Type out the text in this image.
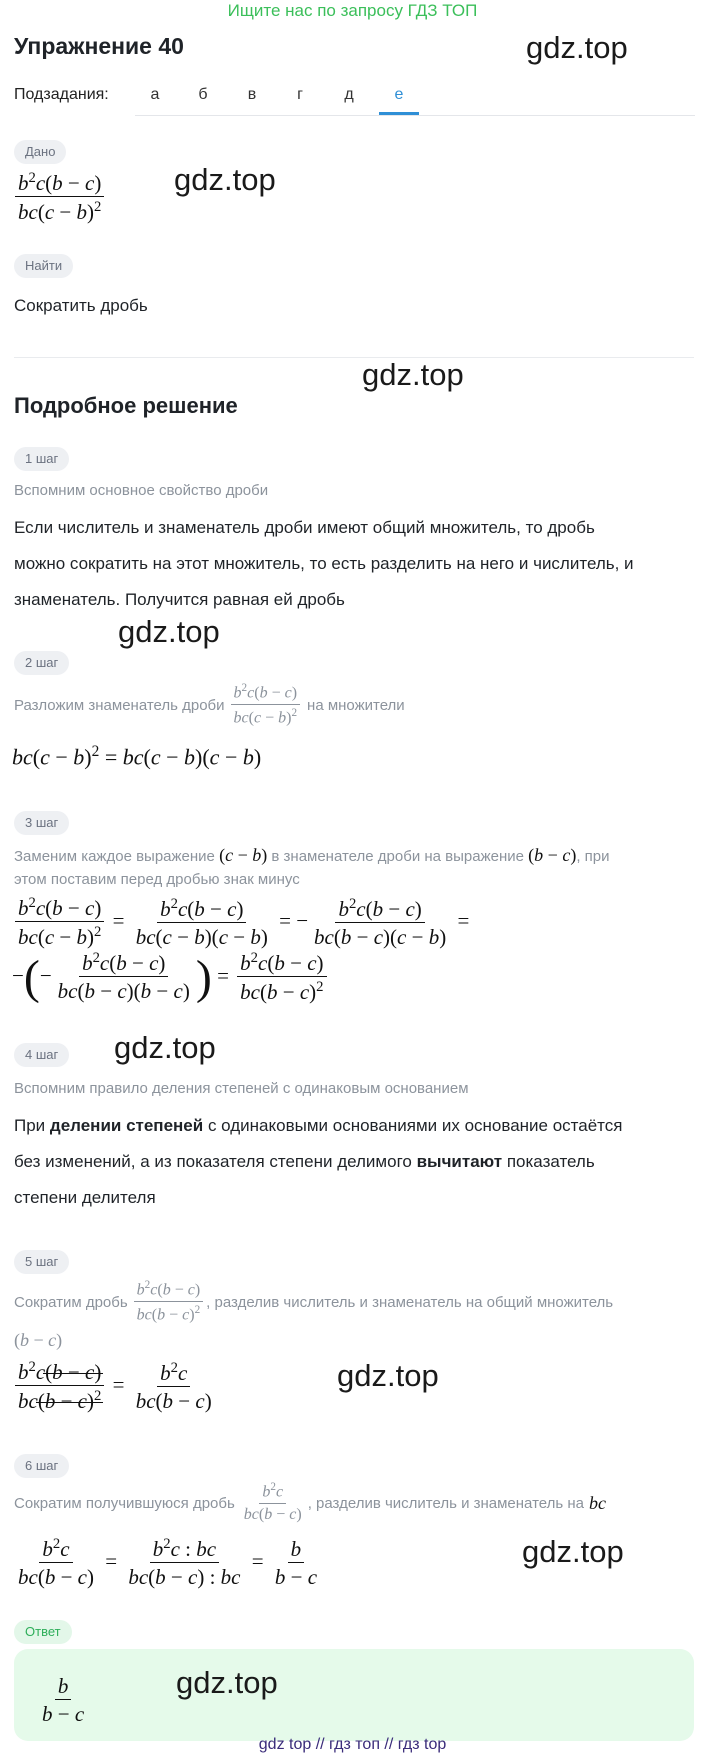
Ищите нас по запросу ГДЗ ТОП
Упражнение 40	gdz.top
Подзадания:	а	б	в	г	д	е
Дано
$\frac{b^2c(b - c)}{bc(c - b)^2} gdz.top$
Найти
Сократить дробь
gdz.top
Подробное решение
1 шаг
Вспомним основное свойство дроби
Если числитель и знаменатель дроби имеют общий множитель, то дробь
можно сократить на этот множитель, то есть разделить на него и числитель, и
знаменатель. Получится равная ей дробь
gdz.top
2 шаг
Разложим знаменатель дроби $\frac{b^2c(b - c)}{bc(c - b)^2}$ на множители
$bc(c - b)^2 = bc(c - b)(c - b)$
3 шаг
Заменим каждое выражение (c − b) в знаменателе дроби на выражение (b − c), при
этом поставим перед дробью знак минус
$\frac{b^2c(b - c)}{bc(c - b)^2} = \frac{b^2c(b - c)}{bc(c - b)(c - b)}$ = − $\frac{b^2c(b - c)}{bc(b - c)(c - b)}$ =
−(− $\frac{b^2c(b - c)}{bc(b - c)(b - c)}$ ) = $\frac{b^2c(b - c)}{bc(b - c)^2}$
4 шаг	gdz.top
Вспомним правило деления степеней с одинаковым основанием
При делении степеней с одинаковыми основаниями их основание остаётся
без изменений, а из показателя степени делимого вычитают показатель
степени делителя
5 шаг
Сократим дробь $\frac{b^2c(b - c)}{bc(b - c)^2}$ , разделив числитель и знаменатель на общий множитель
(b − c)
$\frac{b^2c(b - c)}{bc(b - c)^2} = \frac{b^2c}{bc(b - c)}$	gdz.top
6 шаг
Сократим получившуюся дробь $\frac{b^2c}{bc(b - c)}$ , разделив числитель и знаменатель на bc
$\frac{b^2c}{bc(b - c)} = \frac{b^2c : bc}{bc(b - c) : bc} = \frac{b}{b - c}$	gdz.top
Ответ
$\frac{b}{b - c}$	gdz.top
gdz top // гдз топ // гдз top
